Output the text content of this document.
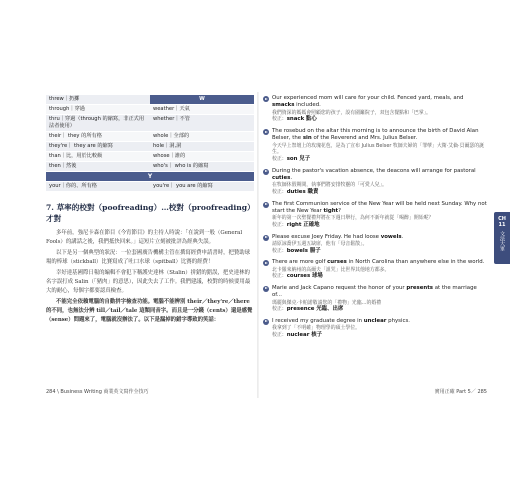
threw｜扔擲	W
through｜穿過	weather｜天氣
thru｜穿過（through 的縮寫，非正式用法者使用）	whether｜不管
their｜ they 的所有格	whole｜全部的
they're｜ they are 的縮寫	hole｜洞,洞
than｜比，用於比較級	whose｜誰的
then｜然後	who's｜ who is 的縮寫
Y	
your｜你的、所有格	you're｜ you are 的縮寫
7. 草率的校對（poofreading）…校對（proofreading）才對

多年前，強尼卡森在節目《今宵節目》的主持人時說：「在說到一般（General Fools）的講話之後，我們抵快回來。」這短片立刻被批評為經典失誤。

以下是另一個典型的狀況：一位套國廣告機構主管在撰寫經費申請書時，把贊助球場的棒球（stickball）比賽寫成了吐口水球（spitball）比賽的經費！

幸好達基國際日報的編輯不會犯下稱護史達林（Stalin）拼錯的錯誤，把史達林的名字誤打成 Salin（「豬肉」的意思），因此失去了工作。我們建議，校對的時候要用最大的耐心，每個字都要認真檢查。

不能完全依賴電腦的自動拼字檢查功能。電腦不能辨別 their／they're／there 的不同，也無法分辨 till／tail／tale 這類同音字。而且是一分錢（cents）還是感覺（sense）問題來了，電腦就沒辦法了。以下是漏掉的錯字導致的笑話：

284 \ Business Writing 商業英文寫作全技巧
Our experienced mom will care for your child. Fenced yard, meals, and smacks included.
我們資深的媽媽會照顧您的孩子，設有圍籬院子，双包含餐點和「巴掌」。
校正：snack 點心
The rosebud on the altar this morning is to announce the birth of David Alan Belser, the sin of the Reverend and Mrs. Julius Belser.
今天早上祭壇上的玫瑰花苞，是為了宣布 Julius Belser 牧師夫婦的「罪孽」大衛·艾倫·貝爾瑟的誕生。
校正：son 兒子
During the pastor's vacation absence, the deacons will arrange for pastoral cuties.
在牧師休假期間，執事們將安排牧靈的「可愛人兒」。
校正：duties 職責
The first Communion service of the New Year will be held next Sunday. Why not start the New Year tight?
新年的第一次聖餐禮拜將在下週日舉行，為何不新年就從「喝醉」開始呢？
校正：right 正確地
Please excuse Joey Friday. He had loose vowels.
請原諒喬伊五週五缺席，他有「母音鬆散」。
校正：bowels 腸子
There are more golf curses in North Carolina than anywhere else in the world.
北卡羅來納州的高爾夫「詛咒」比世界其他地方都多。
校正：courses 球場
Marie and Jack Capano request the honor of your presents at the marriage of...
瑪麗與傑克·卡帕諾敬請您的「禮物」光臨…的婚禮
校正：presence 光臨、出席
I received my graduate degree in unclear physics.
我拿到了「不明確」物理學的碩士學位。
校正：nuclear 核子
實用正確 Part 5／ 285
CH 11
文法大軍
